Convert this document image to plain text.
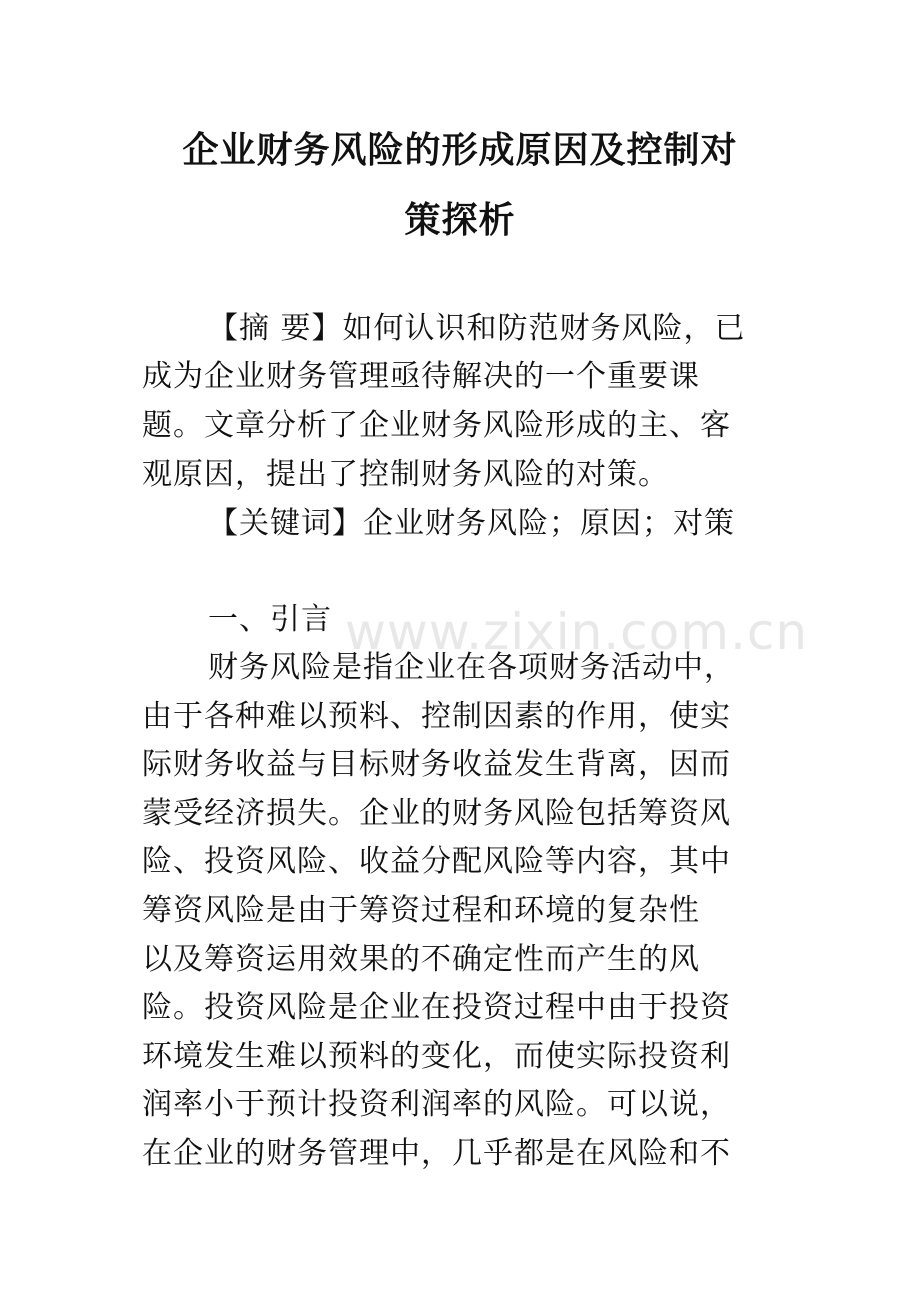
www.zixin.com.cn
企业财务风险的形成原因及控制对
策探析
【摘 要】如何认识和防范财务风险，已
成为企业财务管理亟待解决的一个重要课
题。文章分析了企业财务风险形成的主、客
观原因，提出了控制财务风险的对策。
【关键词】企业财务风险；原因；对策
一、引言
财务风险是指企业在各项财务活动中，
由于各种难以预料、控制因素的作用，使实
际财务收益与目标财务收益发生背离，因而
蒙受经济损失。企业的财务风险包括筹资风
险、投资风险、收益分配风险等内容，其中
筹资风险是由于筹资过程和环境的复杂性
以及筹资运用效果的不确定性而产生的风
险。投资风险是企业在投资过程中由于投资
环境发生难以预料的变化，而使实际投资利
润率小于预计投资利润率的风险。可以说，
在企业的财务管理中，几乎都是在风险和不
